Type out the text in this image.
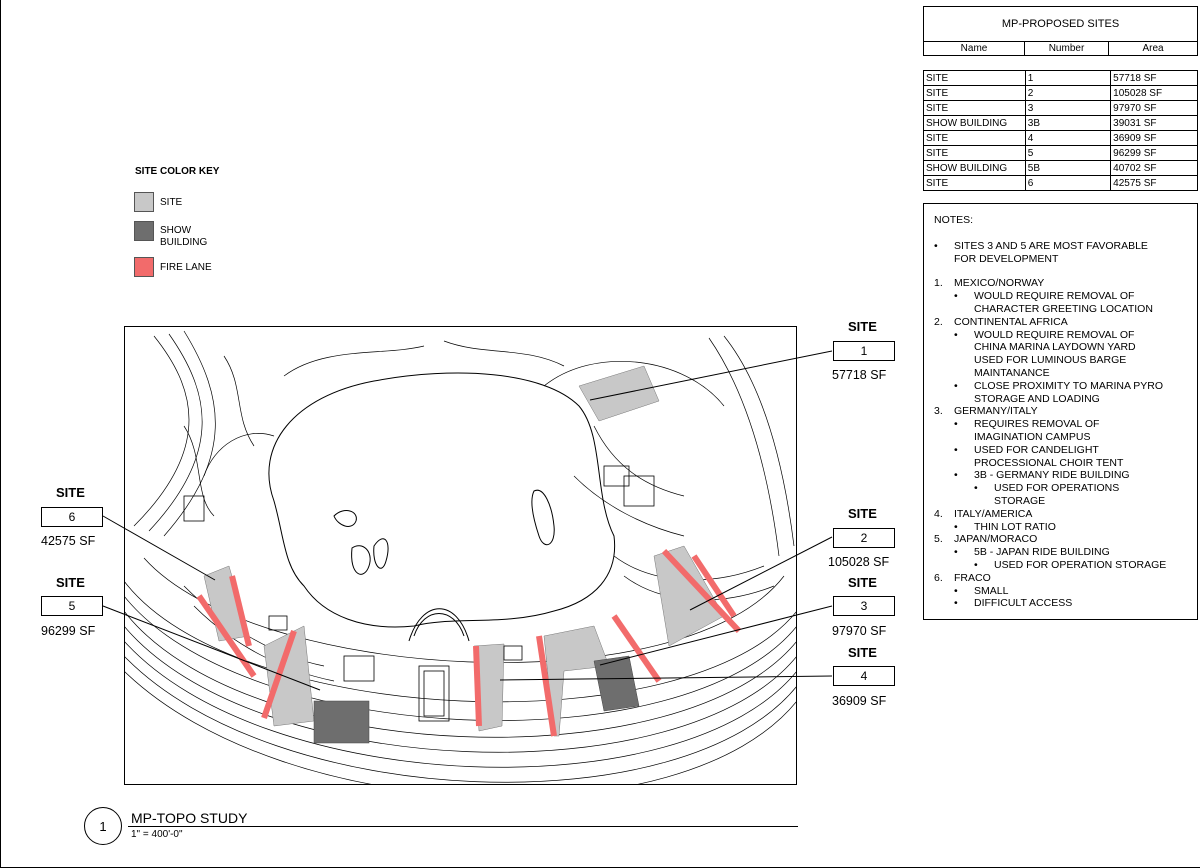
MP-PROPOSED SITES
Name	Number	Area
SITE	1	57718 SF
SITE	2	105028 SF
SITE	3	97970 SF
SHOW BUILDING	3B	39031 SF
SITE	4	36909 SF
SITE	5	96299 SF
SHOW BUILDING	5B	40702 SF
SITE	6	42575 SF
NOTES:
•	SITES 3 AND 5 ARE MOST FAVORABLE
FOR DEVELOPMENT
1.	MEXICO/NORWAY
•	WOULD REQUIRE REMOVAL OF
CHARACTER GREETING LOCATION
2.	CONTINENTAL AFRICA
•	WOULD REQUIRE REMOVAL OF
CHINA MARINA LAYDOWN YARD
USED FOR LUMINOUS BARGE
MAINTANANCE
•	CLOSE PROXIMITY TO MARINA PYRO
STORAGE AND LOADING
3.	GERMANY/ITALY
•	REQUIRES REMOVAL OF
IMAGINATION CAMPUS
•	USED FOR CANDELIGHT
PROCESSIONAL CHOIR TENT
•	3B - GERMANY RIDE BUILDING
•	USED FOR OPERATIONS
STORAGE
4.	ITALY/AMERICA
•	THIN LOT RATIO
5.	JAPAN/MORACO
•	5B - JAPAN RIDE BUILDING
•	USED FOR OPERATION STORAGE
6.	FRACO
•	SMALL
•	DIFFICULT ACCESS
SITE COLOR KEY
SITE
SHOW
BUILDING
FIRE LANE
SITE
1
57718 SF
SITE
2
105028 SF
SITE
3
97970 SF
SITE
4
36909 SF
SITE
5
96299 SF
SITE
6
42575 SF
1	MP-TOPO STUDY
1" = 400'-0"
